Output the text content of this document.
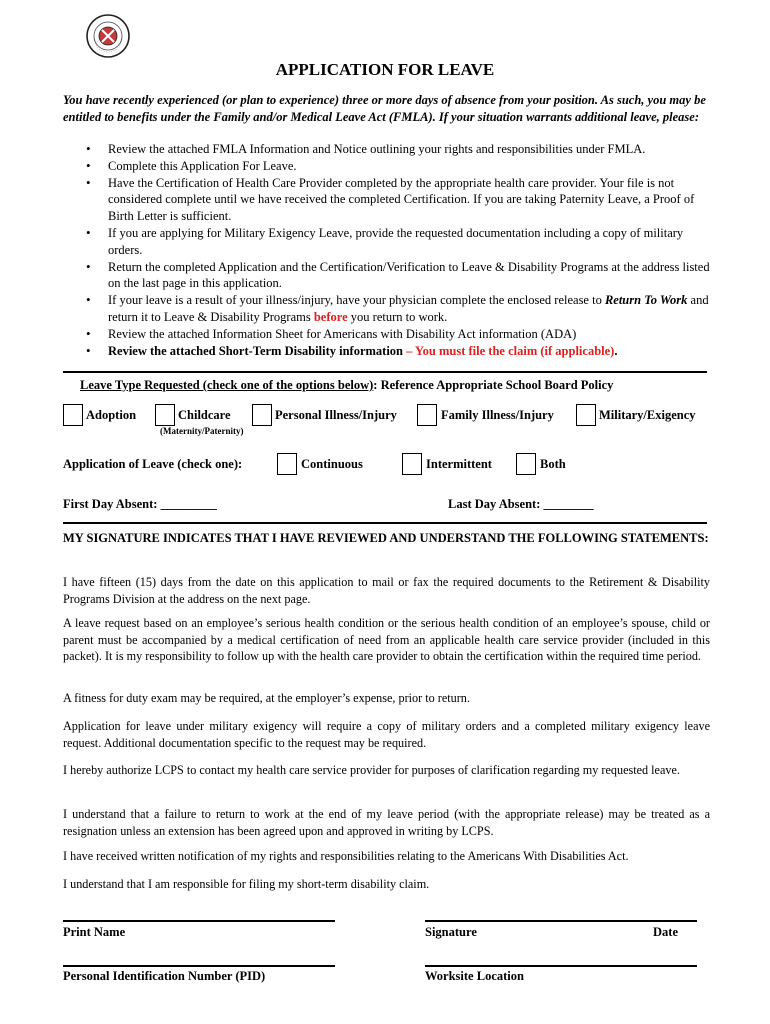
APPLICATION FOR LEAVE
You have recently experienced (or plan to experience) three or more days of absence from your position. As such, you may be entitled to benefits under the Family and/or Medical Leave Act (FMLA). If your situation warrants additional leave, please:
• Review the attached FMLA Information and Notice outlining your rights and responsibilities under FMLA.
• Complete this Application For Leave.
• Have the Certification of Health Care Provider completed by the appropriate health care provider. Your file is not considered complete until we have received the completed Certification. If you are taking Paternity Leave, a Proof of Birth Letter is sufficient.
• If you are applying for Military Exigency Leave, provide the requested documentation including a copy of military orders.
• Return the completed Application and the Certification/Verification to Leave & Disability Programs at the address listed on the last page in this application.
• If your leave is a result of your illness/injury, have your physician complete the enclosed release to Return To Work and return it to Leave & Disability Programs before you return to work.
• Review the attached Information Sheet for Americans with Disability Act information (ADA)
• Review the attached Short-Term Disability information – You must file the claim (if applicable).
Leave Type Requested (check one of the options below): Reference Appropriate School Board Policy
Adoption	Childcare
(Maternity/Paternity)
Personal Illness/Injury	Family Illness/Injury	Military/Exigency
Application of Leave (check one):	Continuous	Intermittent	Both
First Day Absent: _________	Last Day Absent: ________
MY SIGNATURE INDICATES THAT I HAVE REVIEWED AND UNDERSTAND THE FOLLOWING STATEMENTS:
I have fifteen (15) days from the date on this application to mail or fax the required documents to the Retirement & Disability Programs Division at the address on the next page.
A leave request based on an employee’s serious health condition or the serious health condition of an employee’s spouse, child or parent must be accompanied by a medical certification of need from an applicable health care service provider (included in this packet). It is my responsibility to follow up with the health care provider to obtain the certification within the required time period.
A fitness for duty exam may be required, at the employer’s expense, prior to return.
Application for leave under military exigency will require a copy of military orders and a completed military exigency leave request. Additional documentation specific to the request may be required.
I hereby authorize LCPS to contact my health care service provider for purposes of clarification regarding my requested leave.
I understand that a failure to return to work at the end of my leave period (with the appropriate release) may be treated as a resignation unless an extension has been agreed upon and approved in writing by LCPS.
I have received written notification of my rights and responsibilities relating to the Americans With Disabilities Act.
I understand that I am responsible for filing my short-term disability claim.
Print Name	Signature	Date
Personal Identification Number (PID)	Worksite Location
